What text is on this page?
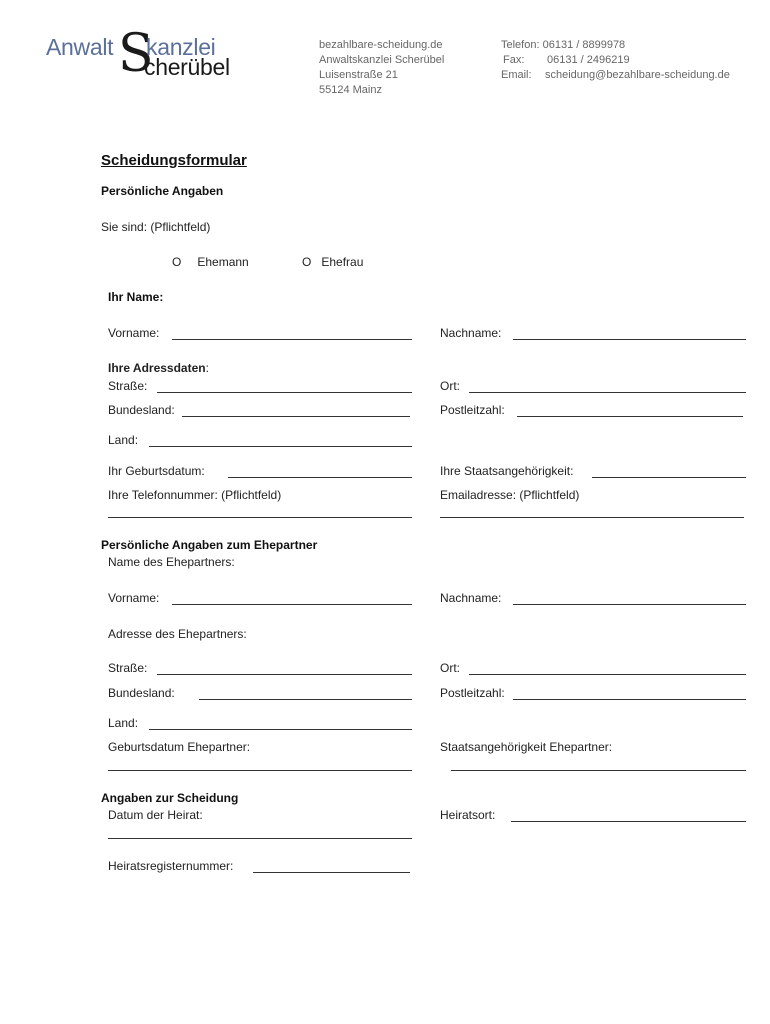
Anwalt S
kanzlei
cherübel
bezahlbare-scheidung.de
Anwaltskanzlei Scherübel
Luisenstraße 21
55124 Mainz
Telefon: 06131 / 8899978
Fax: 06131 / 2496219
Email: scheidung@bezahlbare-scheidung.de
Scheidungsformular
Persönliche Angaben
Sie sind: (Pflichtfeld)
O Ehemann	O Ehefrau
Ihr Name:
Vorname:	Nachname:
Ihre Adressdaten:
Straße:	Ort:
Bundesland:	Postleitzahl:
Land:
Ihr Geburtsdatum:	Ihre Staatsangehörigkeit:
Ihre Telefonnummer: (Pflichtfeld)	Emailadresse: (Pflichtfeld)
Persönliche Angaben zum Ehepartner
Name des Ehepartners:
Vorname:	Nachname:
Adresse des Ehepartners:
Straße:	Ort:
Bundesland:	Postleitzahl:
Land:
Geburtsdatum Ehepartner:	Staatsangehörigkeit Ehepartner:
Angaben zur Scheidung
Datum der Heirat:	Heiratsort:
Heiratsregisternummer:
